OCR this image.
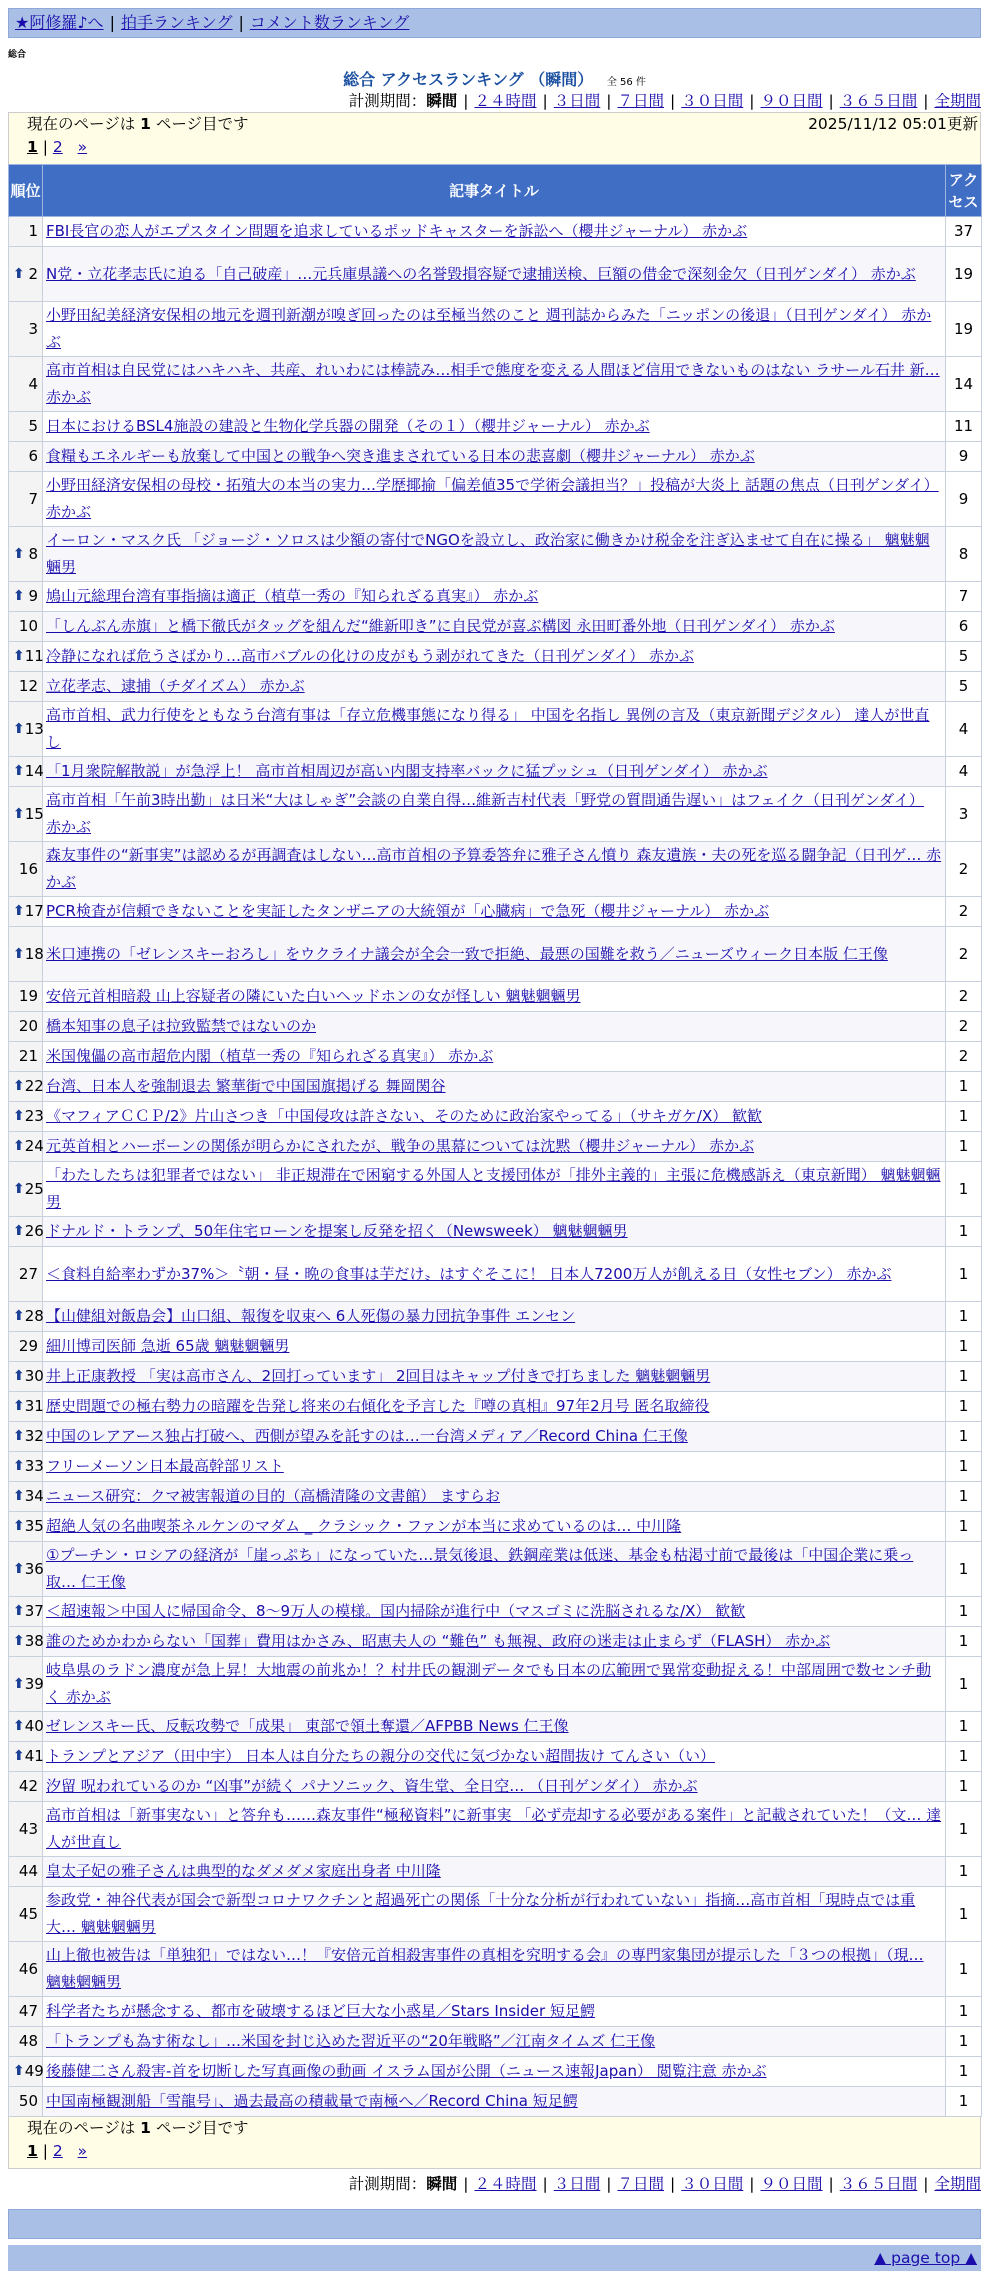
★阿修羅♪へ | 拍手ランキング | コメント数ランキング
総合
総合 アクセスランキング （瞬間） 全 56 件
計測期間：瞬間 | ２４時間 | ３日間 | ７日間 | ３０日間 | ９０日間 | ３６５日間 | 全期間
現在のページは 1 ページ目です	2025/11/12 05:01更新
1 | 2 »
順位	記事タイトル	アクセス
1	FBI長官の恋人がエプスタイン問題を追求しているポッドキャスターを訴訟へ（櫻井ジャーナル） 赤かぶ	37

⬆ 2	N党・立花孝志氏に迫る「自己破産」…元兵庫県議への名誉毀損容疑で逮捕送検、巨額の借金で深刻金欠（日刊ゲンダイ） 赤かぶ	19
3	小野田紀美経済安保相の地元を週刊新潮が嗅ぎ回ったのは至極当然のこと 週刊誌からみた「ニッポンの後退」（日刊ゲンダイ） 赤かぶ	19
4	高市首相は自民党にはハキハキ、共産、れいわには棒読み…相手で態度を変える人間ほど信用できないものはない ラサール石井 新… 赤かぶ	14
5	日本におけるBSL4施設の建設と生物化学兵器の開発（その１）（櫻井ジャーナル） 赤かぶ	11
6	食糧もエネルギーも放棄して中国との戦争へ突き進まされている日本の悲喜劇（櫻井ジャーナル） 赤かぶ	9
7	小野田経済安保相の母校・拓殖大の本当の実力…学歴揶揄「偏差値35で学術会議担当？」投稿が大炎上 話題の焦点（日刊ゲンダイ） 赤かぶ	9

⬆ 8	イーロン・マスク氏 「ジョージ・ソロスは少額の寄付でNGOを設立し、政治家に働きかけ税金を注ぎ込ませて自在に操る」 魑魅魍魎男	8

⬆ 9	鳩山元総理台湾有事指摘は適正（植草一秀の『知られざる真実』） 赤かぶ	7
10	「しんぶん赤旗」と橋下徹氏がタッグを組んだ“維新叩き”に自民党が喜ぶ構図 永田町番外地（日刊ゲンダイ） 赤かぶ	6

⬆ 11	冷静になれば危うさばかり…高市バブルの化けの皮がもう剥がれてきた（日刊ゲンダイ） 赤かぶ	5
12	立花孝志、逮捕（チダイズム） 赤かぶ	5

⬆ 13	高市首相、武力行使をともなう台湾有事は「存立危機事態になり得る」 中国を名指し 異例の言及（東京新聞デジタル） 達人が世直し	4

⬆ 14	「1月衆院解散説」が急浮上！ 高市首相周辺が高い内閣支持率バックに猛プッシュ（日刊ゲンダイ） 赤かぶ	4

⬆ 15	高市首相「午前3時出勤」は日米“大はしゃぎ”会談の自業自得…維新吉村代表「野党の質問通告遅い」はフェイク（日刊ゲンダイ） 赤かぶ	3
16	森友事件の“新事実”は認めるが再調査はしない…高市首相の予算委答弁に雅子さん憤り 森友遺族・夫の死を巡る闘争記（日刊ゲ… 赤かぶ	2

⬆ 17	PCR検査が信頼できないことを実証したタンザニアの大統領が「心臓病」で急死（櫻井ジャーナル） 赤かぶ	2

⬆ 18	米口連携の「ゼレンスキーおろし」をウクライナ議会が全会一致で拒絶、最悪の国難を救う／ニューズウィーク日本版 仁王像	2
19	安倍元首相暗殺 山上容疑者の隣にいた白いヘッドホンの女が怪しい 魑魅魍魎男	2
20	橋本知事の息子は拉致監禁ではないのか	2
21	米国傀儡の高市超危内閣（植草一秀の『知られざる真実』） 赤かぶ	2

⬆ 22	台湾、日本人を強制退去 繁華街で中国国旗掲げる 舞岡関谷	1

⬆ 23	《マフィアＣＣＰ/2》片山さつき「中国侵攻は許さない、そのために政治家やってる」（サキガケ/X） 歓歓	1

⬆ 24	元英首相とハーボーンの関係が明らかにされたが、戦争の黒幕については沈黙（櫻井ジャーナル） 赤かぶ	1

⬆ 25	「わたしたちは犯罪者ではない」 非正規滞在で困窮する外国人と支援団体が「排外主義的」主張に危機感訴え（東京新聞） 魑魅魍魎男	1

⬆ 26	ドナルド・トランプ、50年住宅ローンを提案し反発を招く（Newsweek） 魑魅魍魎男	1
27	＜食料自給率わずか37%＞〝朝・昼・晩の食事は芋だけ〟はすぐそこに！ 日本人7200万人が飢える日（女性セブン） 赤かぶ	1

⬆ 28	【山健組対飯島会】山口組、報復を収束へ 6人死傷の暴力団抗争事件 エンセン	1
29	細川博司医師 急逝 65歳 魑魅魍魎男	1

⬆ 30	井上正康教授 「実は高市さん、2回打っています」 2回目はキャップ付きで打ちました 魑魅魍魎男	1

⬆ 31	歴史問題での極右勢力の暗躍を告発し将来の右傾化を予言した『噂の真相』97年2月号 匿名取締役	1

⬆ 32	中国のレアアース独占打破へ、西側が望みを託すのは…一台湾メディア／Record China 仁王像	1

⬆ 33	フリーメーソン日本最高幹部リスト	1

⬆ 34	ニュース研究：クマ被害報道の目的（高橋清隆の文書館） ますらお	1

⬆ 35	超絶人気の名曲喫茶ネルケンのマダム _ クラシック・ファンが本当に求めているのは… 中川隆	1

⬆ 36	①プーチン・ロシアの経済が「崖っぷち」になっていた…景気後退、鉄鋼産業は低迷、基金も枯渇寸前で最後は「中国企業に乗っ取… 仁王像	1

⬆ 37	＜超速報＞中国人に帰国命令、8～9万人の模様。国内掃除が進行中（マスゴミに洗脳されるな/X） 歓歓	1

⬆ 38	誰のためかわからない「国葬」費用はかさみ、昭恵夫人の “難色” も無視、政府の迷走は止まらず（FLASH） 赤かぶ	1

⬆ 39	岐阜県のラドン濃度が急上昇！大地震の前兆か！？村井氏の観測データでも日本の広範囲で異常変動捉える！中部周囲で数センチ動く 赤かぶ	1

⬆ 40	ゼレンスキー氏、反転攻勢で「成果」 東部で領土奪還／AFPBB News 仁王像	1

⬆ 41	トランプとアジア（田中宇） 日本人は自分たちの親分の交代に気づかない超間抜け てんさい（い）	1
42	汐留 呪われているのか “凶事”が続く パナソニック、資生堂、全日空… （日刊ゲンダイ） 赤かぶ	1
43	高市首相は「新事実ない」と答弁も……森友事件“極秘資料”に新事実 「必ず売却する必要がある案件」と記載されていた！（文… 達人が世直し	1
44	皇太子妃の雅子さんは典型的なダメダメ家庭出身者 中川隆	1
45	参政党・神谷代表が国会で新型コロナワクチンと超過死亡の関係「十分な分析が行われていない」指摘…高市首相「現時点では重大… 魑魅魍魎男	1
46	山上徹也被告は「単独犯」ではない…！『安倍元首相殺害事件の真相を究明する会』の専門家集団が提示した「３つの根拠」（現… 魑魅魍魎男	1
47	科学者たちが懸念する、都市を破壊するほど巨大な小惑星／Stars Insider 短足鰐	1
48	「トランプも為す術なし」…米国を封じ込めた習近平の“20年戦略”／江南タイムズ 仁王像	1

⬆ 49	後藤健二さん殺害-首を切断した写真画像の動画 イスラム国が公開（ニュース速報Japan） 閲覧注意 赤かぶ	1
50	中国南極観測船「雪龍号」、過去最高の積載量で南極へ／Record China 短足鰐	1
現在のページは 1 ページ目です
1 | 2 »
計測期間：瞬間 | ２４時間 | ３日間 | ７日間 | ３０日間 | ９０日間 | ３６５日間 | 全期間
▲ page top ▲
